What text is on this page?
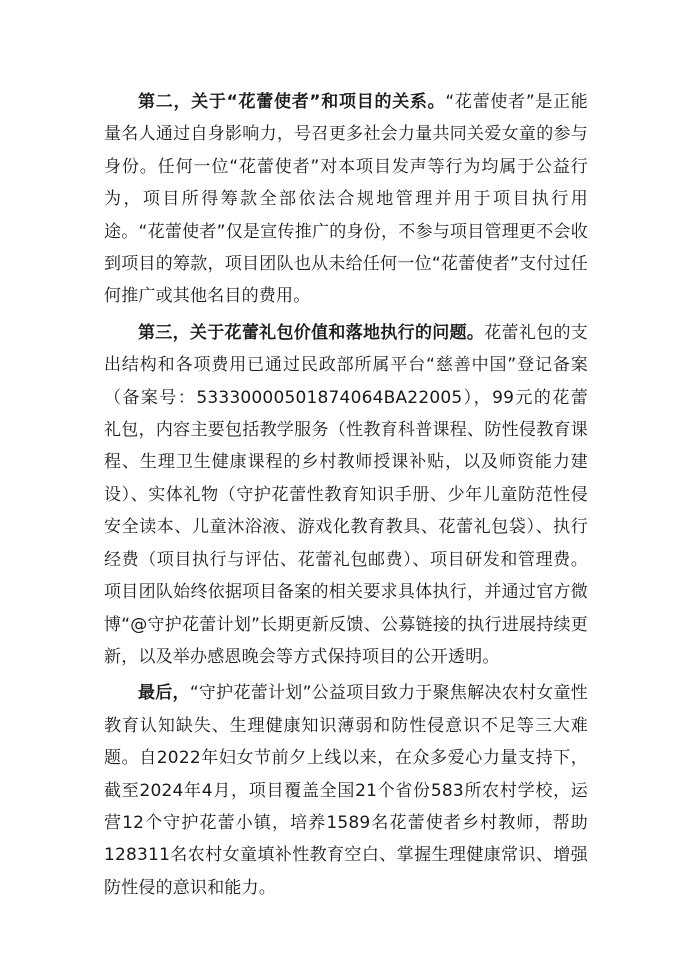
第二，关于“花蕾使者”和项目的关系。“花蕾使者”是正能量名人通过自身影响力，号召更多社会力量共同关爱女童的参与身份。任何一位“花蕾使者”对本项目发声等行为均属于公益行为，项目所得筹款全部依法合规地管理并用于项目执行用途。“花蕾使者”仅是宣传推广的身份，不参与项目管理更不会收到项目的筹款，项目团队也从未给任何一位“花蕾使者”支付过任何推广或其他名目的费用。

第三，关于花蕾礼包价值和落地执行的问题。花蕾礼包的支出结构和各项费用已通过民政部所属平台“慈善中国”登记备案（备案号：53330000501874064BA22005），99元的花蕾礼包，内容主要包括教学服务（性教育科普课程、防性侵教育课程、生理卫生健康课程的乡村教师授课补贴，以及师资能力建设）、实体礼物（守护花蕾性教育知识手册、少年儿童防范性侵安全读本、儿童沐浴液、游戏化教育教具、花蕾礼包袋）、执行经费（项目执行与评估、花蕾礼包邮费）、项目研发和管理费。项目团队始终依据项目备案的相关要求具体执行，并通过官方微博“@守护花蕾计划”长期更新反馈、公募链接的执行进展持续更新，以及举办感恩晚会等方式保持项目的公开透明。

最后，“守护花蕾计划”公益项目致力于聚焦解决农村女童性教育认知缺失、生理健康知识薄弱和防性侵意识不足等三大难题。自2022年妇女节前夕上线以来，在众多爱心力量支持下，截至2024年4月，项目覆盖全国21个省份583所农村学校，运营12个守护花蕾小镇，培养1589名花蕾使者乡村教师，帮助128311名农村女童填补性教育空白、掌握生理健康常识、增强防性侵的意识和能力。
